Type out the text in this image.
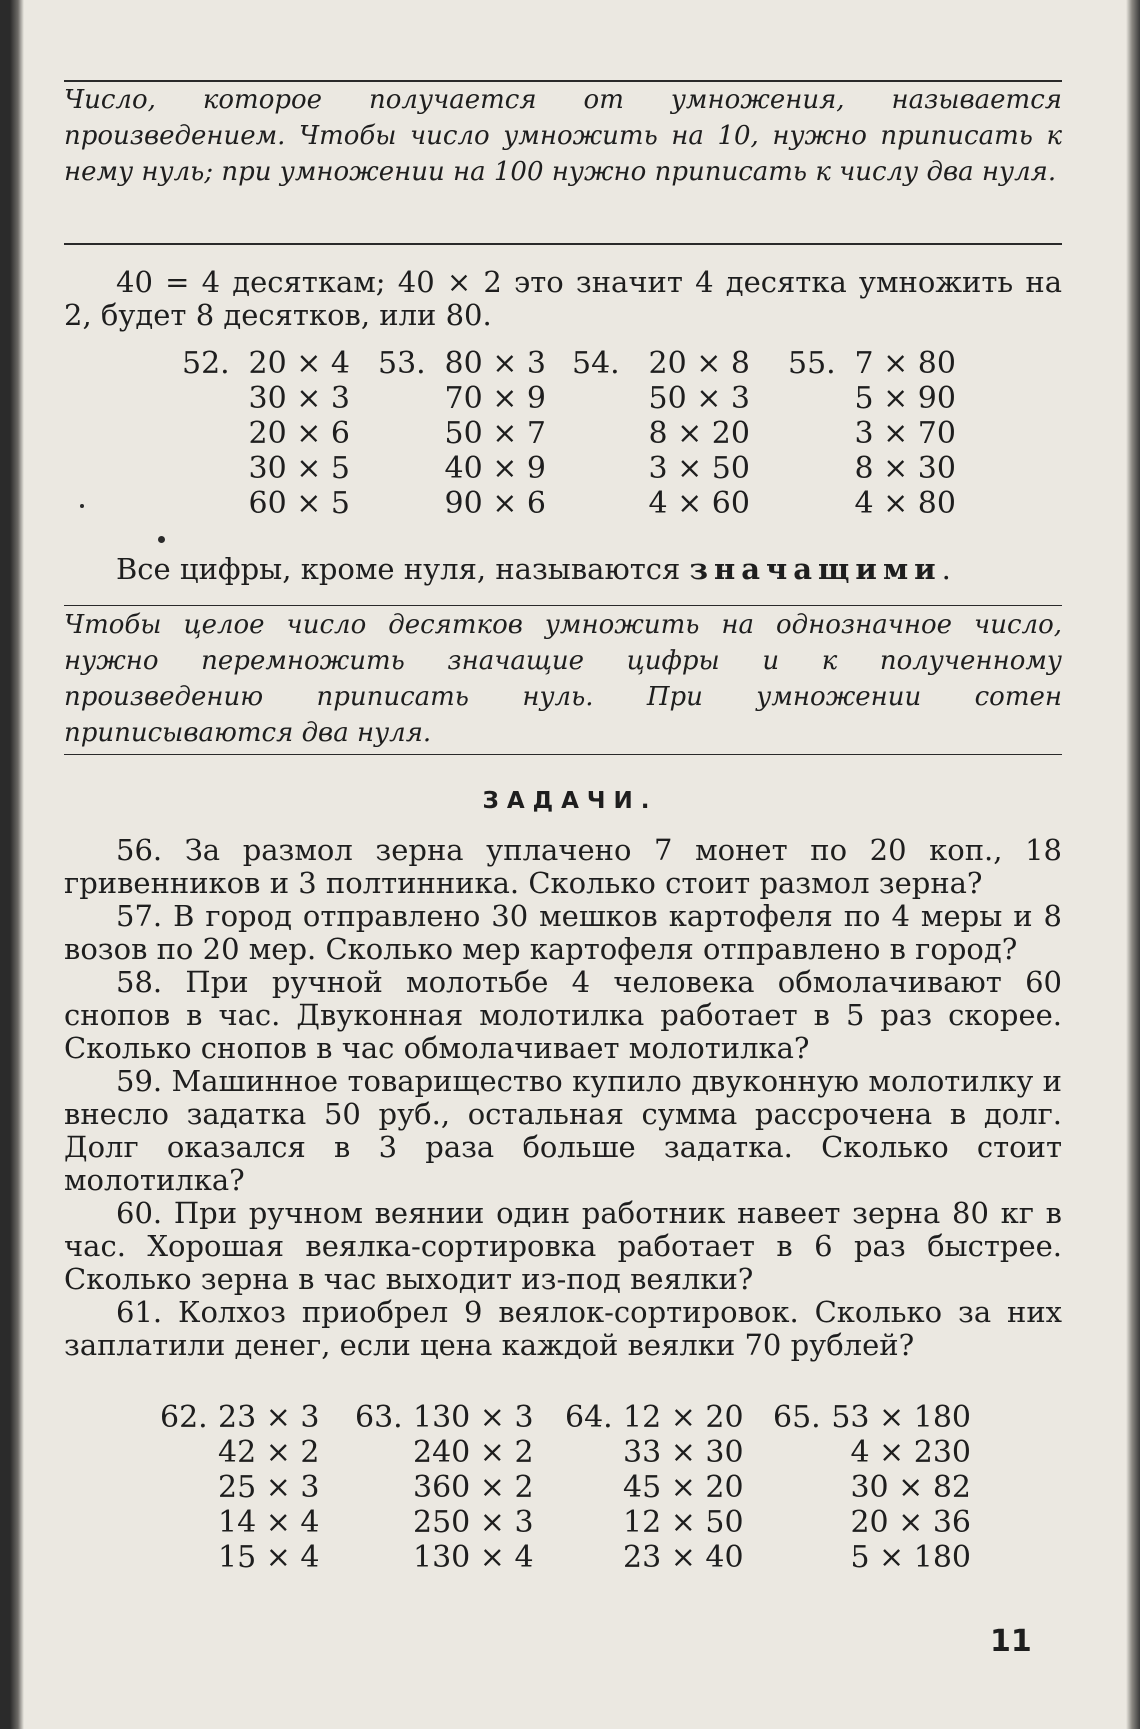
Число, которое получается от умножения, называется произведением. Чтобы число умножить на 10, нужно приписать к нему нуль; при умножении на 100 нужно приписать к числу два нуля.

40 = 4 десяткам; 40 × 2 это значит 4 десятка умножить на 2, будет 8 десятков, или 80.

52. 20 × 4
30 × 3
20 × 6
30 × 5
60 × 5
53. 80 × 3
70 × 9
50 × 7
40 × 9
90 × 6
54. 20 × 8
50 × 3
8 × 20
3 × 50
4 × 60
55. 7 × 80
5 × 90
3 × 70
8 × 30
4 × 80

Все цифры, кроме нуля, называются значащими.

Чтобы целое число десятков умножить на однозначное число, нужно перемножить значащие цифры и к полученному произведению приписать нуль. При умножении сотен приписываются два нуля.

ЗАДАЧИ.

56. За размол зерна уплачено 7 монет по 20 коп., 18 гривенников и 3 полтинника. Сколько стоит размол зерна?

57. В город отправлено 30 мешков картофеля по 4 меры и 8 возов по 20 мер. Сколько мер картофеля отправлено в город?

58. При ручной молотьбе 4 человека обмолачивают 60 снопов в час. Двуконная молотилка работает в 5 раз скорее. Сколько снопов в час обмолачивает молотилка?

59. Машинное товарищество купило двуконную молотилку и внесло задатка 50 руб., остальная сумма рассрочена в долг. Долг оказался в 3 раза больше задатка. Сколько стоит молотилка?

60. При ручном веянии один работник навеет зерна 80 кг в час. Хорошая веялка-сортировка работает в 6 раз быстрее. Сколько зерна в час выходит из-под веялки?

61. Колхоз приобрел 9 веялок-сортировок. Сколько за них заплатили денег, если цена каждой веялки 70 рублей?

62. 23 × 3
42 × 2
25 × 3
14 × 4
15 × 4
63. 130 × 3
240 × 2
360 × 2
250 × 3
130 × 4
64. 12 × 20
33 × 30
45 × 20
12 × 50
23 × 40
65. 53 × 180
4 × 230
30 × 82
20 × 36
5 × 180

11
